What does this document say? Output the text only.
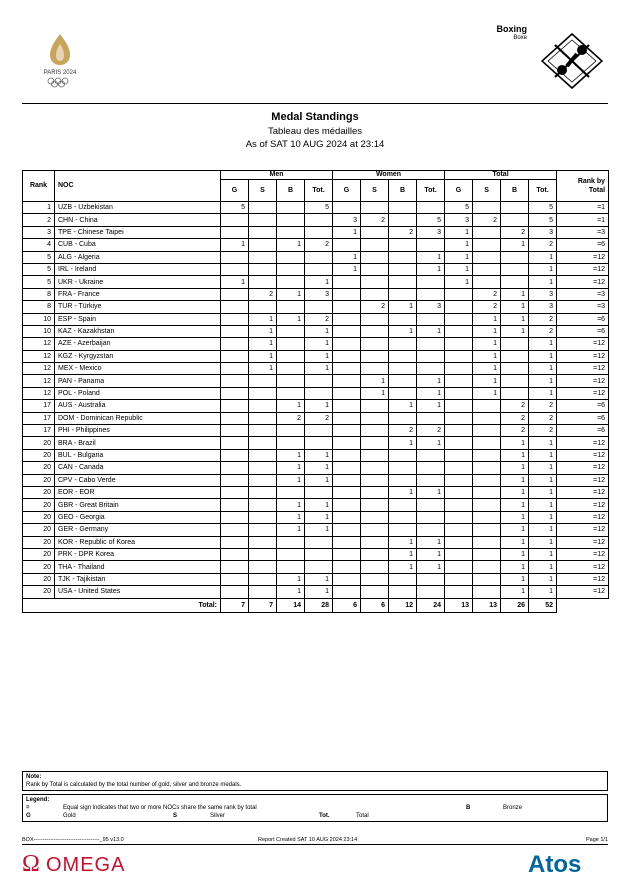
PARIS 2024
Boxing
Boxe
Medal Standings
Tableau des médailles
As of SAT 10 AUG 2024 at 23:14
Rank	NOC	Men				Women				Total				Rank by Total
		G	S	B	Tot.	G	S	B	Tot.	G	S	B	Tot.	
1	UZB - Uzbekistan	5			5					5			5	=1
2	CHN - China					3	2		5	3	2		5	=1
3	TPE - Chinese Taipei					1		2	3	1		2	3	=3
4	CUB - Cuba	1		1	2					1		1	2	=6
5	ALG - Algeria					1			1	1			1	=12
5	IRL - Ireland					1			1	1			1	=12
5	UKR - Ukraine	1			1					1			1	=12
8	FRA - France		2	1	3						2	1	3	=3
8	TUR - Türkiye						2	1	3		2	1	3	=3
10	ESP - Spain		1	1	2						1	1	2	=6
10	KAZ - Kazakhstan		1		1			1	1		1	1	2	=6
12	AZE - Azerbaijan		1		1						1		1	=12
12	KGZ - Kyrgyzstan		1		1						1		1	=12
12	MEX - Mexico		1		1						1		1	=12
12	PAN - Panama						1		1		1		1	=12
12	POL - Poland						1		1		1		1	=12
17	AUS - Australia			1	1			1	1			2	2	=6
17	DOM - Dominican Republic			2	2							2	2	=6
17	PHI - Philippines							2	2			2	2	=6
20	BRA - Brazil							1	1			1	1	=12
20	BUL - Bulgaria			1	1							1	1	=12
20	CAN - Canada			1	1							1	1	=12
20	CPV - Cabo Verde			1	1							1	1	=12
20	EOR - EOR							1	1			1	1	=12
20	GBR - Great Britain			1	1							1	1	=12
20	GEO - Georgia			1	1							1	1	=12
20	GER - Germany			1	1							1	1	=12
20	KOR - Republic of Korea							1	1			1	1	=12
20	PRK - DPR Korea							1	1			1	1	=12
20	THA - Thailand							1	1			1	1	=12
20	TJK - Tajikistan			1	1							1	1	=12
20	USA - United States			1	1							1	1	=12
Total:		7	7	14	28	6	6	12	24	13	13	26	52	
Note:
Rank by Total is calculated by the total number of gold, silver and bronze medals.
Legend:
=	Equal sign indicates that two or more NOCs share the same rank by total	B	Bronze
G	Gold	S	Silver	Tot.	Total
BOX------------------------------------_95 v13.0	Report Created SAT 10 AUG 2024 23:14	Page 1/1
Ω OMEGA	Atos
